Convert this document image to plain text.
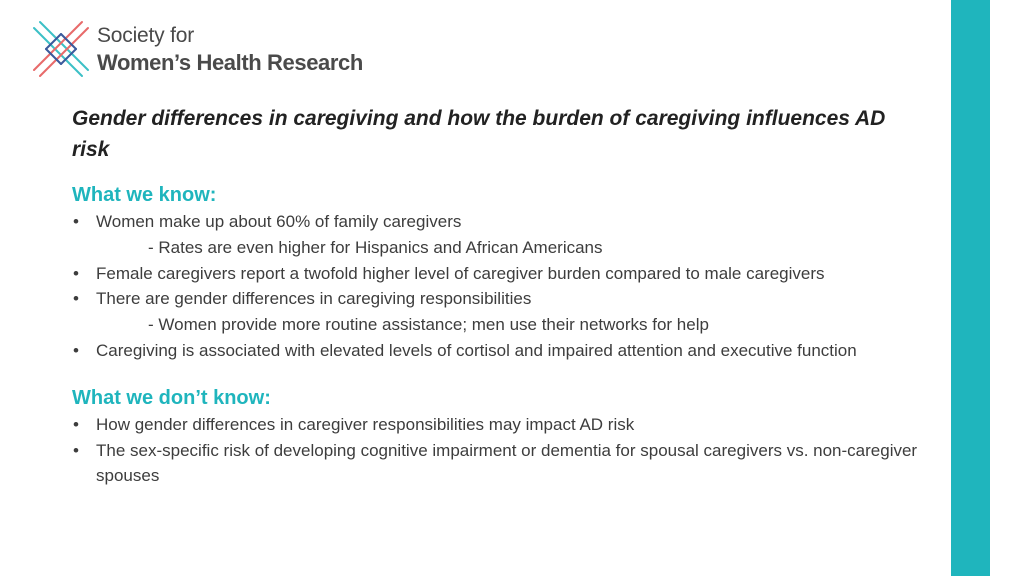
Society for
Women’s Health Research
Gender differences in caregiving and how the burden of caregiving influences AD risk
What we know:
• Women make up about 60% of family caregivers
- Rates are even higher for Hispanics and African Americans
• Female caregivers report a twofold higher level of caregiver burden compared to male caregivers
• There are gender differences in caregiving responsibilities
- Women provide more routine assistance; men use their networks for help
• Caregiving is associated with elevated levels of cortisol and impaired attention and executive function
What we don’t know:
• How gender differences in caregiver responsibilities may impact AD risk
• The sex-specific risk of developing cognitive impairment or dementia for spousal caregivers vs. non-caregiver spouses
